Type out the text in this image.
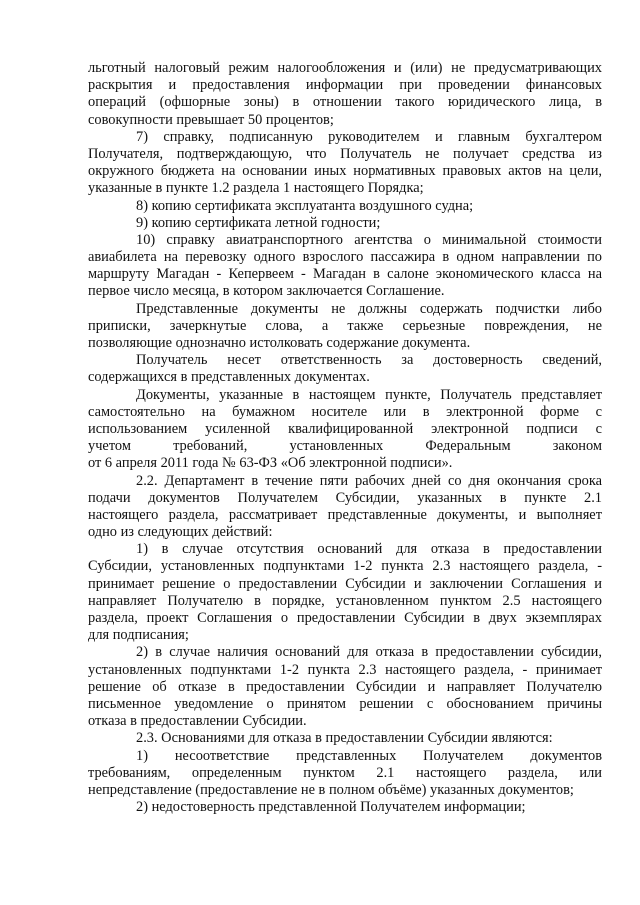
льготный налоговый режим налогообложения и (или) не предусматривающих
раскрытия и предоставления информации при проведении финансовых
операций (офшорные зоны) в отношении такого юридического лица, в
совокупности превышает 50 процентов;

7) справку, подписанную руководителем и главным бухгалтером
Получателя, подтверждающую, что Получатель не получает средства из
окружного бюджета на основании иных нормативных правовых актов на цели,
указанные в пункте 1.2 раздела 1 настоящего Порядка;

8) копию сертификата эксплуатанта воздушного судна;

9) копию сертификата летной годности;

10) справку авиатранспортного агентства о минимальной стоимости
авиабилета на перевозку одного взрослого пассажира в одном направлении по
маршруту Магадан - Кепервеем - Магадан в салоне экономического класса на
первое число месяца, в котором заключается Соглашение.

Представленные документы не должны содержать подчистки либо
приписки, зачеркнутые слова, а также серьезные повреждения, не
позволяющие однозначно истолковать содержание документа.

Получатель несет ответственность за достоверность сведений,
содержащихся в представленных документах.

Документы, указанные в настоящем пункте, Получатель представляет
самостоятельно на бумажном носителе или в электронной форме с
использованием усиленной квалифицированной электронной подписи с
учетом требований, установленных Федеральным законом
от 6 апреля 2011 года № 63-ФЗ «Об электронной подписи».

2.2. Департамент в течение пяти рабочих дней со дня окончания срока
подачи документов Получателем Субсидии, указанных в пункте 2.1
настоящего раздела, рассматривает представленные документы, и выполняет
одно из следующих действий:

1) в случае отсутствия оснований для отказа в предоставлении
Субсидии, установленных подпунктами 1-2 пункта 2.3 настоящего раздела, -
принимает решение о предоставлении Субсидии и заключении Соглашения и
направляет Получателю в порядке, установленном пунктом 2.5 настоящего
раздела, проект Соглашения о предоставлении Субсидии в двух экземплярах
для подписания;

2) в случае наличия оснований для отказа в предоставлении субсидии,
установленных подпунктами 1-2 пункта 2.3 настоящего раздела, - принимает
решение об отказе в предоставлении Субсидии и направляет Получателю
письменное уведомление о принятом решении с обоснованием причины
отказа в предоставлении Субсидии.

2.3. Основаниями для отказа в предоставлении Субсидии являются:

1) несоответствие представленных Получателем документов
требованиям, определенным пунктом 2.1 настоящего раздела, или
непредставление (предоставление не в полном объёме) указанных документов;

2) недостоверность представленной Получателем информации;
